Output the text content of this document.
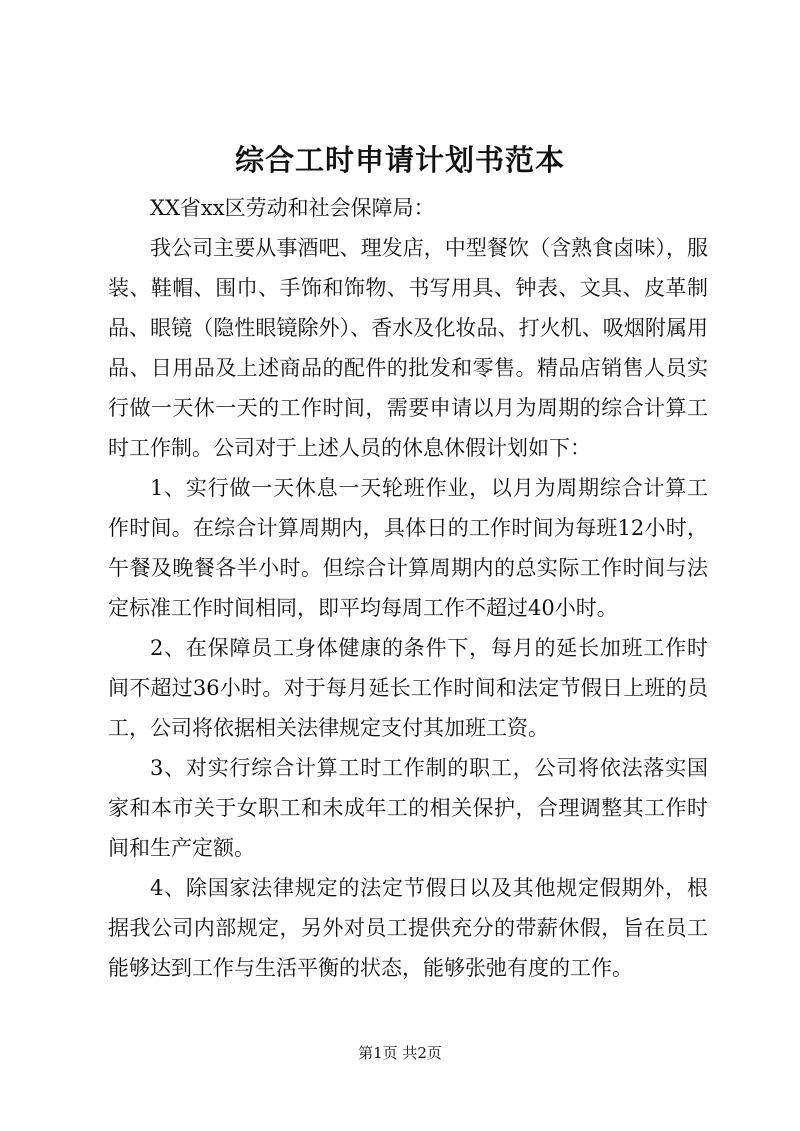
综合工时申请计划书范本

XX省xx区劳动和社会保障局：

我公司主要从事酒吧、理发店，中型餐饮（含熟食卤味），服装、鞋帽、围巾、手饰和饰物、书写用具、钟表、文具、皮革制品、眼镜（隐性眼镜除外）、香水及化妆品、打火机、吸烟附属用品、日用品及上述商品的配件的批发和零售。精品店销售人员实行做一天休一天的工作时间，需要申请以月为周期的综合计算工时工作制。公司对于上述人员的休息休假计划如下：

1、实行做一天休息一天轮班作业，以月为周期综合计算工作时间。在综合计算周期内，具体日的工作时间为每班12小时，午餐及晚餐各半小时。但综合计算周期内的总实际工作时间与法定标准工作时间相同，即平均每周工作不超过40小时。

2、在保障员工身体健康的条件下，每月的延长加班工作时间不超过36小时。对于每月延长工作时间和法定节假日上班的员工，公司将依据相关法律规定支付其加班工资。

3、对实行综合计算工时工作制的职工，公司将依法落实国家和本市关于女职工和未成年工的相关保护，合理调整其工作时间和生产定额。

4、除国家法律规定的法定节假日以及其他规定假期外，根据我公司内部规定，另外对员工提供充分的带薪休假，旨在员工能够达到工作与生活平衡的状态，能够张弛有度的工作。

第1页 共2页
